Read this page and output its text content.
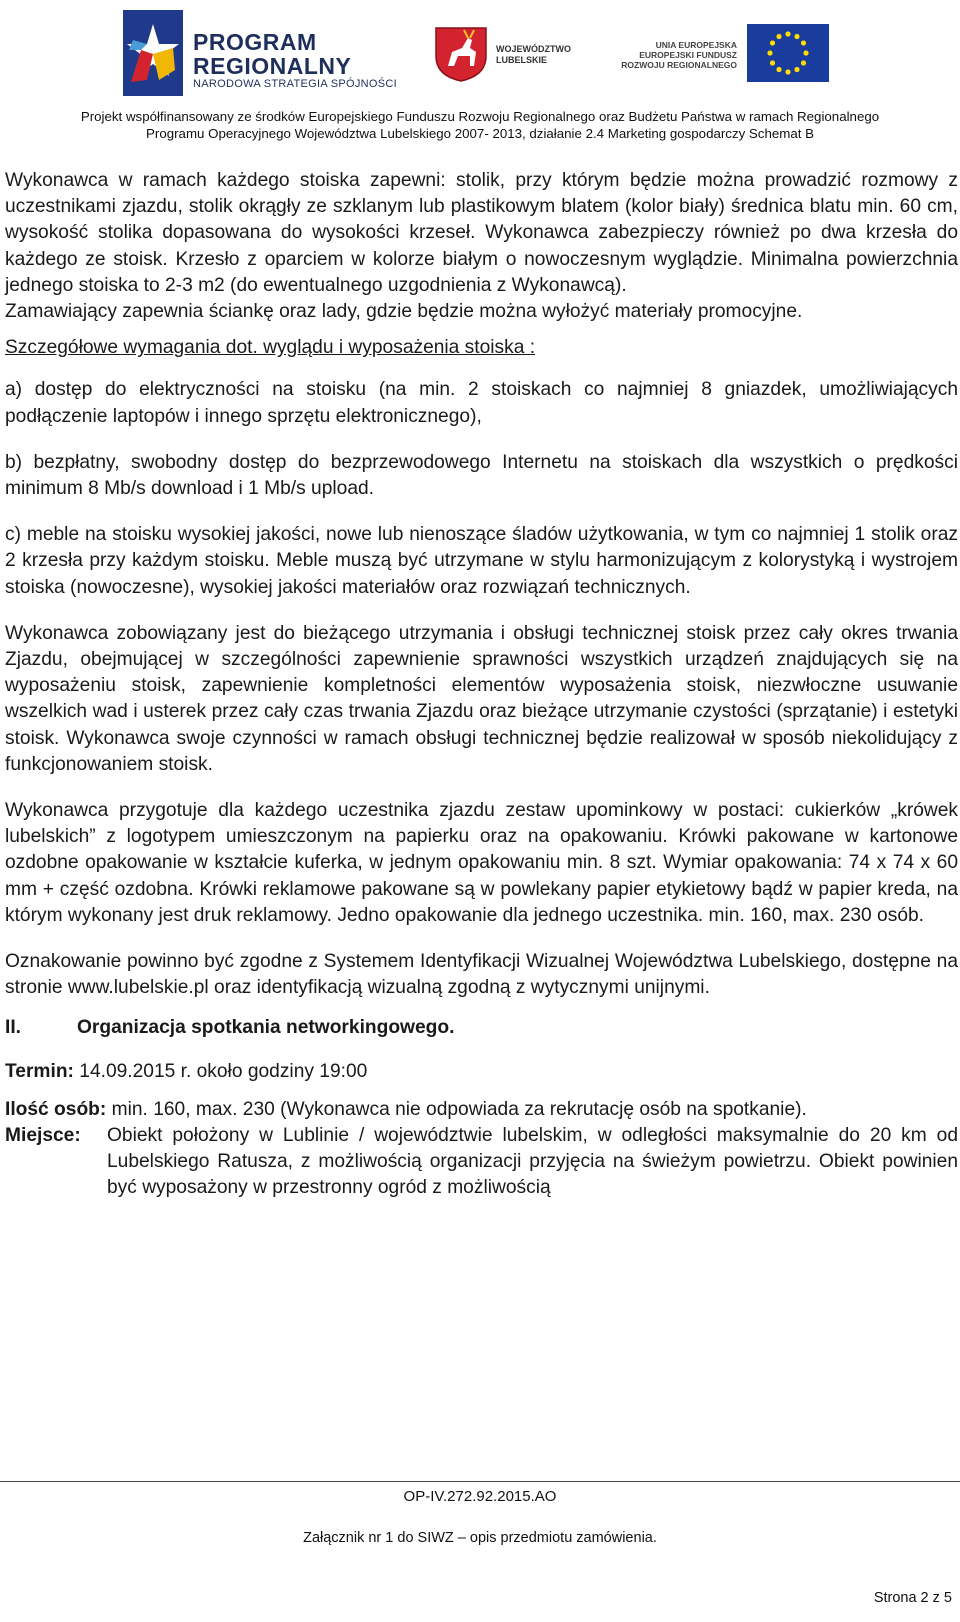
PROGRAM
REGIONALNY
NARODOWA STRATEGIA SPÓJNOŚCI
WOJEWÓDZTWO
LUBELSKIE
UNIA EUROPEJSKA
EUROPEJSKI FUNDUSZ
ROZWOJU REGIONALNEGO
Projekt współfinansowany ze środków Europejskiego Funduszu Rozwoju Regionalnego oraz Budżetu Państwa w ramach Regionalnego
Programu Operacyjnego Województwa Lubelskiego 2007- 2013, działanie 2.4 Marketing gospodarczy Schemat B

Wykonawca w ramach każdego stoiska zapewni: stolik, przy którym będzie można prowadzić rozmowy z uczestnikami zjazdu, stolik okrągły ze szklanym lub plastikowym blatem (kolor biały) średnica blatu min. 60 cm, wysokość stolika dopasowana do wysokości krzeseł. Wykonawca zabezpieczy również po dwa krzesła do każdego ze stoisk. Krzesło z oparciem w kolorze białym o nowoczesnym wyglądzie. Minimalna powierzchnia jednego stoiska to 2-3 m2 (do ewentualnego uzgodnienia z Wykonawcą).

Zamawiający zapewnia ściankę oraz lady, gdzie będzie można wyłożyć materiały promocyjne.

Szczegółowe wymagania dot. wyglądu i wyposażenia stoiska :

a) dostęp do elektryczności na stoisku (na min. 2 stoiskach co najmniej 8 gniazdek, umożliwiających podłączenie laptopów i innego sprzętu elektronicznego),

b) bezpłatny, swobodny dostęp do bezprzewodowego Internetu na stoiskach dla wszystkich o prędkości minimum 8 Mb/s download i 1 Mb/s upload.

c) meble na stoisku wysokiej jakości, nowe lub nienoszące śladów użytkowania, w tym co najmniej 1 stolik oraz 2 krzesła przy każdym stoisku. Meble muszą być utrzymane w stylu harmonizującym z kolorystyką i wystrojem stoiska (nowoczesne), wysokiej jakości materiałów oraz rozwiązań technicznych.

Wykonawca zobowiązany jest do bieżącego utrzymania i obsługi technicznej stoisk przez cały okres trwania Zjazdu, obejmującej w szczególności zapewnienie sprawności wszystkich urządzeń znajdujących się na wyposażeniu stoisk, zapewnienie kompletności elementów wyposażenia stoisk, niezwłoczne usuwanie wszelkich wad i usterek przez cały czas trwania Zjazdu oraz bieżące utrzymanie czystości (sprzątanie) i estetyki stoisk. Wykonawca swoje czynności w ramach obsługi technicznej będzie realizował w sposób niekolidujący z funkcjonowaniem stoisk.

Wykonawca przygotuje dla każdego uczestnika zjazdu zestaw upominkowy w postaci: cukierków „krówek lubelskich” z logotypem umieszczonym na papierku oraz na opakowaniu. Krówki pakowane w kartonowe ozdobne opakowanie w kształcie kuferka, w jednym opakowaniu min. 8 szt. Wymiar opakowania: 74 x 74 x 60 mm + część ozdobna. Krówki reklamowe pakowane są w powlekany papier etykietowy bądź w papier kreda, na którym wykonany jest druk reklamowy. Jedno opakowanie dla jednego uczestnika. min. 160, max. 230 osób.

Oznakowanie powinno być zgodne z Systemem Identyfikacji Wizualnej Województwa Lubelskiego, dostępne na stronie www.lubelskie.pl oraz identyfikacją wizualną zgodną z wytycznymi unijnymi.

II.	Organizacja spotkania networkingowego.
Termin: 14.09.2015 r. około godziny 19:00
Ilość osób: min. 160, max. 230 (Wykonawca nie odpowiada za rekrutację osób na spotkanie).
Miejsce:	Obiekt położony w Lublinie / województwie lubelskim, w odległości maksymalnie do 20 km od Lubelskiego Ratusza, z możliwością organizacji przyjęcia na świeżym powietrzu. Obiekt powinien być wyposażony w przestronny ogród z możliwością
OP-IV.272.92.2015.AO
Załącznik nr 1 do SIWZ – opis przedmiotu zamówienia.
Strona 2 z 5
